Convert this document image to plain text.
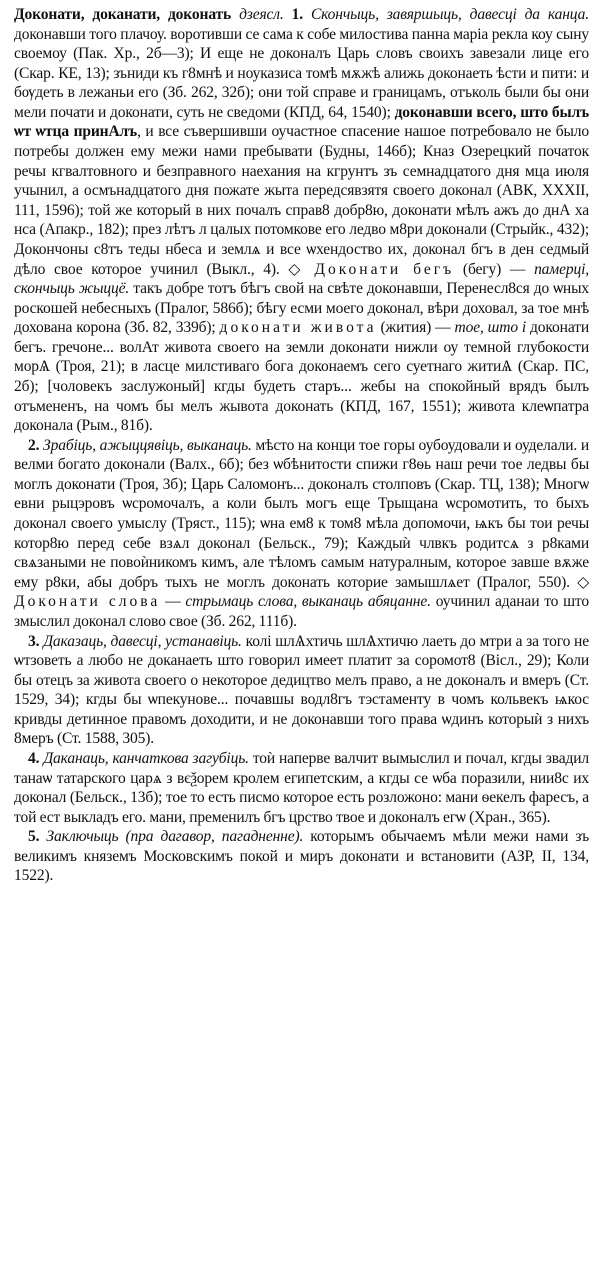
Доконати, доканати, доконать дзеясл. 1. Скончыць, завяршыць, давесці да канца. доконавши того плачоу. воротивши се сама к собе милостива панна маріа рекла коу сыну своемоу (Пак. Хр., 2б—3); И еще не доконалъ Царь словъ своихъ завезали лице его (Скар. КЕ, 13); зъниди къ г8мнѣ и ноуказиса томѣ мѫжѣ алижь доконаеть ѣсти и пити: и бѹдеть в лежаньи его (Зб. 262, 32б); они той справе и границамъ, отъколь были бы они мели почати и доконати, суть не сведоми (КПД, 64, 1540); доконавши всего, што былъ ѡт ѡтца принАлъ, и все съвершивши оучастное спасение нашое потребовало не было потребы должен ему межи нами пребывати (Будны, 146б); Кназ Озерецкий початок речы кгвалтовного и безправного наехания на кгрунтъ зъ семнадцатого дня мца июля учынил, а осмънадцатого дня пожате жыта передсявзятя своего доконал (АВК, XXXII, 111, 1596); той же который в них почалъ справ8 добр8ю, доконати мѣлъ ажъ до днА ха нса (Апакр., 182); през лѣтъ л цалых потомкове его ледво м8ри доконали (Стрыйк., 432); Докончоны с8тъ теды нбеса и землѧ и все ѡхендоство их, доконал бгъ в ден седмый дѣло свое которое учинил (Выкл., 4). ◇ Доконати бегъ (бегу) — памерці, скончыць жыццё. такъ добре тотъ бѣгъ свой на свѣте доконавши, Перенесл8ся до ѡных роскошей небесныхъ (Пралог, 586б); бѣгу есми моего доконал, вѣри доховал, за тое мнѣ дохована корона (Зб. 82, 339б); доконати живота (жития) — тое, што і доконати бегъ. гречоне... волАт живота своего на земли доконати нижли оу темной глубокости морѦ (Троя, 21); в ласце милстиваго бога доконаемъ сего суетнаго житиѦ (Скар. ПС, 2б); [чоловекъ заслужоный] кгды будеть старъ... жебы на спокойный врядъ былъ отъмененъ, на чомъ бы мелъ жывота доконать (КПД, 167, 1551); живота клеѡпатра доконала (Рым., 81б).

2. Зрабіць, ажыццявіць, выканаць. мѣсто на конци тое горы оубоудовали и оуделали. и велми богато доконали (Валх., 6б); без ѡбѣнитости спижи г8ѳь наш речи тое ледвы бы моглъ доконати (Троя, 3б); Царь Саломонъ... доконалъ столповъ (Скар. ТЦ, 138); Многѡ евни рыцэровъ ѡсромочалъ, а коли былъ могъ еще Трыщана ѡсромотить, то быхъ доконал своего умыслу (Тряст., 115); ѡна ем8 к том8 мѣла допомочи, ѩкъ бы тои речы котор8ю перед себе взѧл доконал (Бельск., 79); Каждыѝ члвкъ родитсѧ з р8ками свѧзаными не повоѝникомъ кимъ, але тѣломъ самым натуралным, которое завше вѫже ему р8ки, абы добръ тыхъ не моглъ доконать которие замышлѧет (Пралог, 550). ◇ Доконати слова — стрымаць слова, выканаць абяцанне. оучинил аданаи то што змыслил доконал слово свое (Зб. 262, 111б).

3. Даказаць, давесці, устанавіць. колі шлѦхтичь шлѦхтичю лаеть до мтри а за того не ѡтзоветь а любо не доканаеть што говорил имеет платит за соромот8 (Вісл., 29); Коли бы отецъ за живота своего о некоторое дедицтво мелъ право, а не доконалъ и вмеръ (Ст. 1529, 34); кгды бы ѡпекунове... почавшы водл8гъ тэстаменту в чомъ кольвекъ ѩкос кривды детинное правомъ доходити, и не доконавши того права ѡдинъ которыѝ з нихъ 8меръ (Ст. 1588, 305).

4. Даканаць, канчаткова загубіць. тоѝ наперве валчит вымыслил и почал, кгды звадил танаѡ татарского царѧ з вєѯорем кролем египетским, а кгды се ѡба поразили, нии8с их доконал (Бельск., 13б); тое то есть писмо которое есть розложоно: мани ѳекелъ фаресъ, а той ест выкладъ его. мани, пременилъ бгъ црство твое и доконалъ егѡ (Хран., 365).

5. Заключыць (пра дагавор, пагадненне). которымъ обычаемъ мѣли межи нами зъ великимъ княземъ Московскимъ покой и миръ доконати и встановити (АЗР, II, 134, 1522).
